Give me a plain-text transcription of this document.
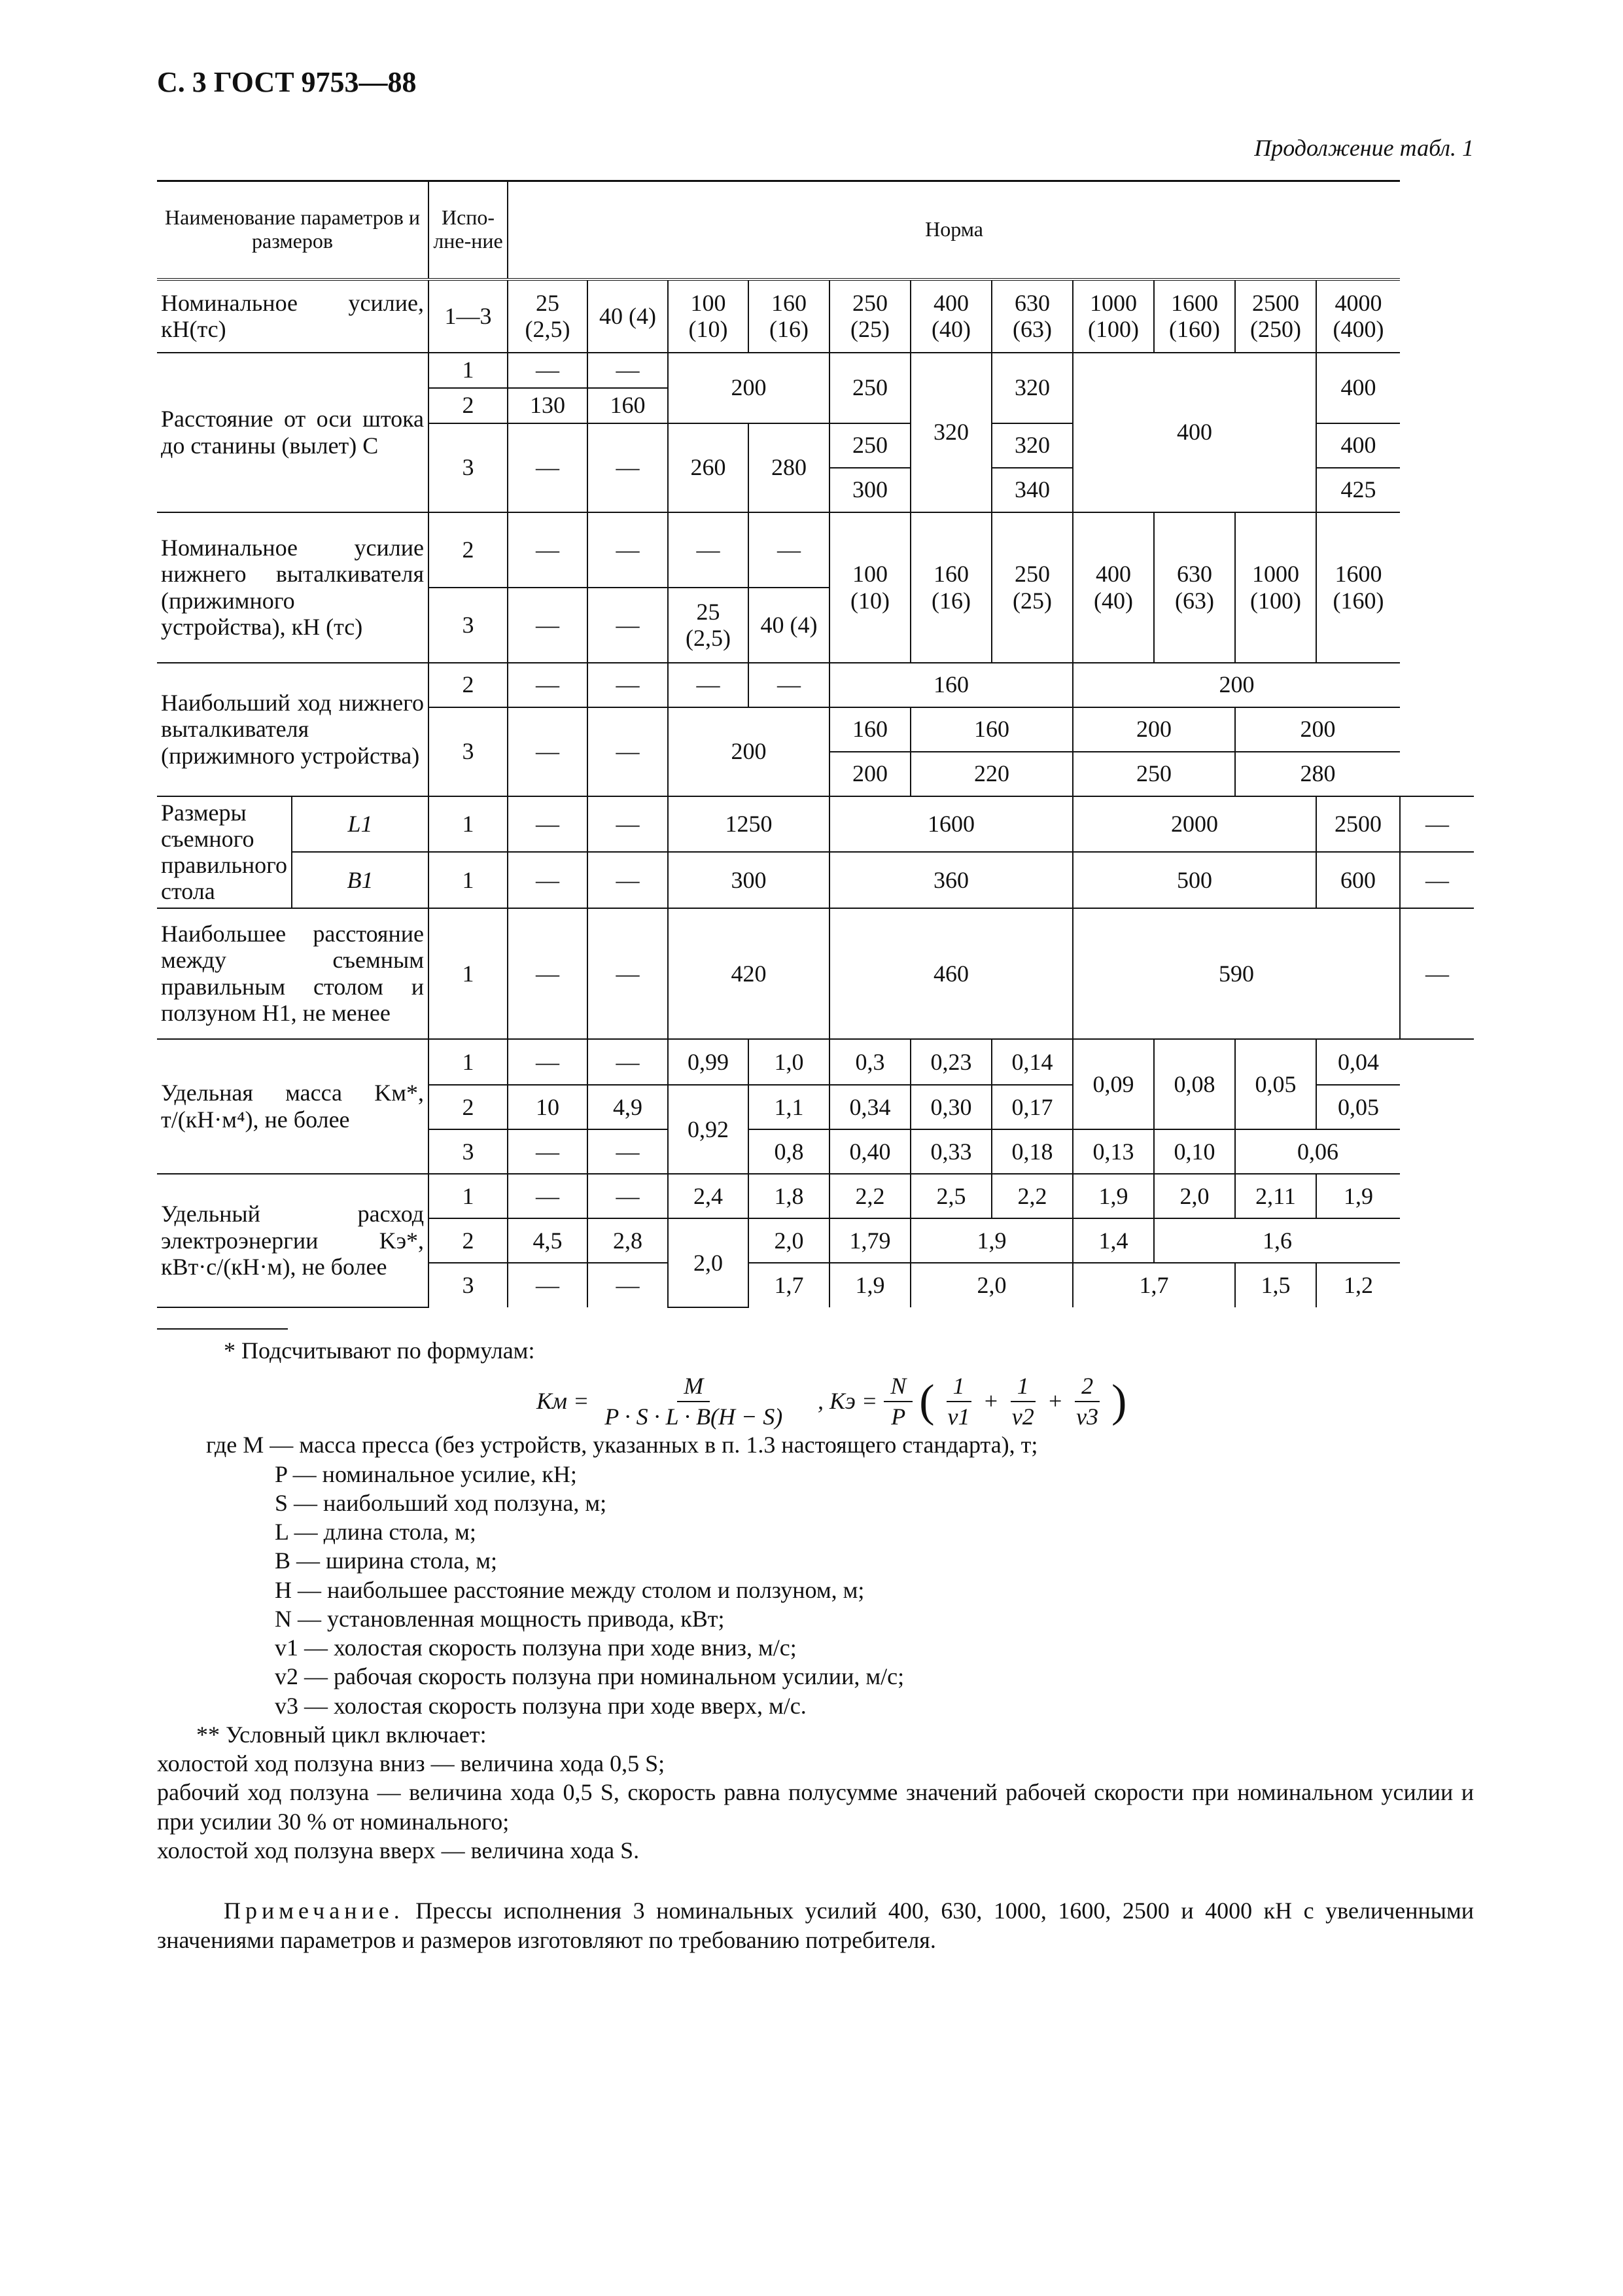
С. 3 ГОСТ 9753—88
Продолжение табл. 1
Наименование параметров и размеров		Испо-лне-ние	Норма											
Номинальное усилие, кН(тс)		1—3	25 (2,5)	40 (4)	100 (10)	160 (16)	250 (25)	400 (40)	630 (63)	1000 (100)	1600 (160)	2500 (250)	4000 (400)	
Расстояние от оси штока до станины (вылет) C		1	—	—	200		250	320	320	400			400	
		2	130	160										
		3	—	—	260	280	250		320				400	
							300		340				425	
Номинальное усилие нижнего выталкивателя (прижимного устройства), кН (тс)		2	—	—	—	—	100 (10)	160 (16)	250 (25)	400 (40)	630 (63)	1000 (100)	1600 (160)	
		3	—	—	25 (2,5)	40 (4)								
Наибольший ход нижнего выталкивателя (прижимного устройства)		2	—	—	—	—	160			200				
		3	—	—	200		160	160		200		200		
							200	220		250		280		
Размеры съемного правильного стола	L1	1	—	—	1250		1600			2000			2500	—
	B1	1	—	—	300		360			500			600	—
Наибольшее расстояние между съемным правильным столом и ползуном H1, не менее		1	—	—	420		460			590				—
Удельная масса Kм*, т/(кН·м⁴), не более		1	—	—	0,99	1,0	0,3	0,23	0,14	0,09	0,08	0,05	0,04	
		2	10	4,9	0,92	1,1	0,34	0,30	0,17				0,05	
		3	—	—		0,8	0,40	0,33	0,18	0,13	0,10	0,06		
Удельный расход электроэнергии Kэ*, кВт·с/(кН·м), не более		1	—	—	2,4	1,8	2,2	2,5	2,2	1,9	2,0	2,11	1,9	
		2	4,5	2,8	2,0	2,0	1,79	1,9		1,4	1,6			
		3	—	—		1,7	1,9	2,0		1,7		1,5	1,2	
* Подсчитывают по формулам:
Kм = $\frac{M}{P \cdot S \cdot L \cdot B(H - S)}$ , Kэ = $\frac{N}{P}$ ( $\frac{1}{v1} + \frac{1}{v2} + \frac{2}{v3}$ )
где M — масса пресса (без устройств, указанных в п. 1.3 настоящего стандарта), т;
P — номинальное усилие, кН;
S — наибольший ход ползуна, м;
L — длина стола, м;
B — ширина стола, м;
H — наибольшее расстояние между столом и ползуном, м;
N — установленная мощность привода, кВт;
v1 — холостая скорость ползуна при ходе вниз, м/с;
v2 — рабочая скорость ползуна при номинальном усилии, м/с;
v3 — холостая скорость ползуна при ходе вверх, м/с.
** Условный цикл включает:
холостой ход ползуна вниз — величина хода 0,5 S;
рабочий ход ползуна — величина хода 0,5 S, скорость равна полусумме значений рабочей скорости при номинальном усилии и при усилии 30 % от номинального;
холостой ход ползуна вверх — величина хода S.
Примечание. Прессы исполнения 3 номинальных усилий 400, 630, 1000, 1600, 2500 и 4000 кН с увеличенными значениями параметров и размеров изготовляют по требованию потребителя.
